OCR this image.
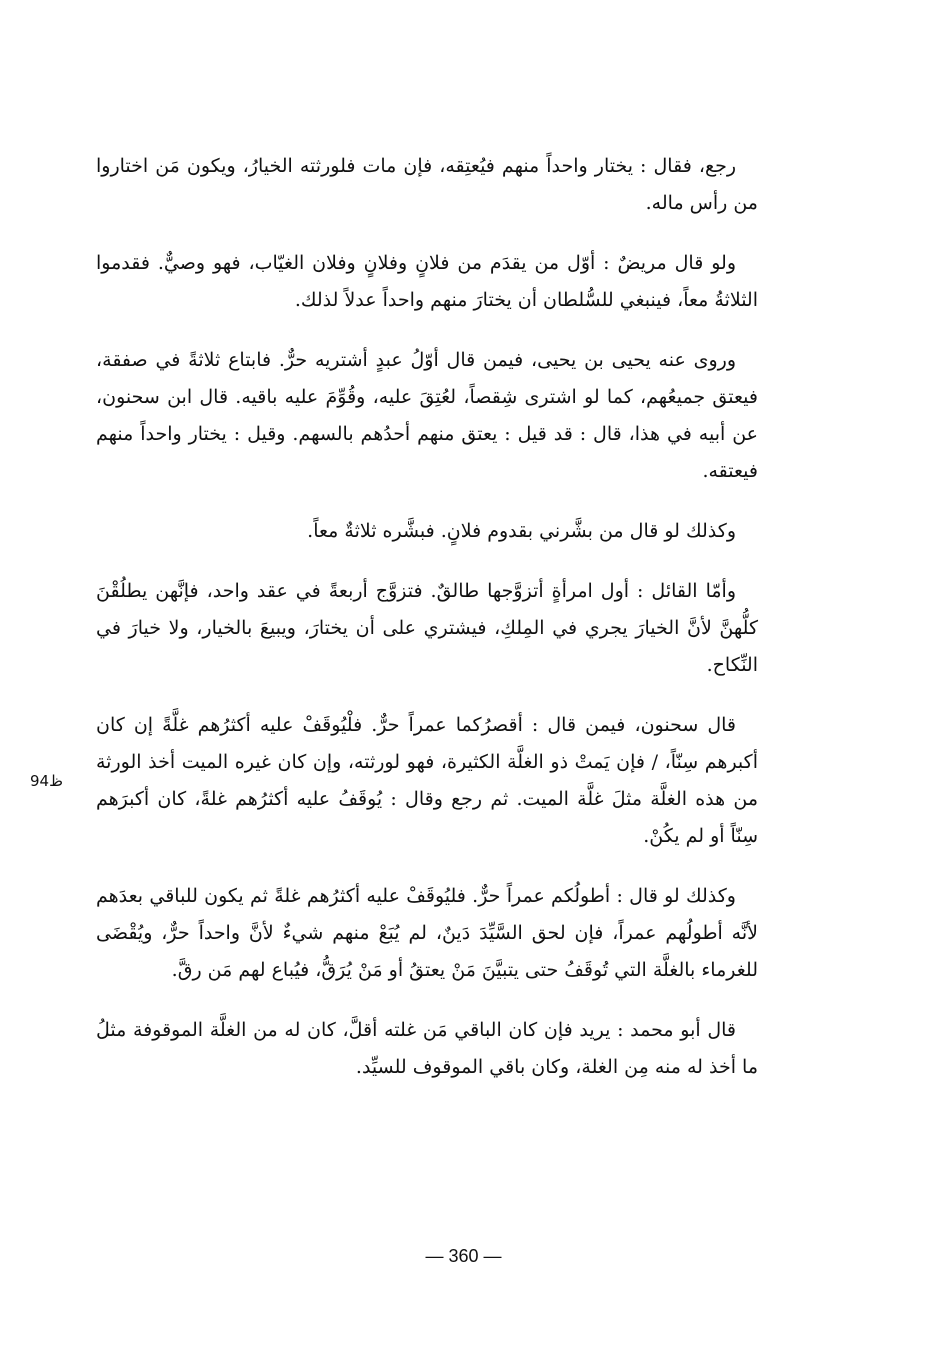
رجع، فقال : يختار واحداً منهم فيُعتِقه، فإن مات فلورثته الخيارُ، ويكون مَن اختاروا من رأس ماله.

ولو قال مريضٌ : أوّل من يقدَم من فلانٍ وفلانٍ وفلان الغيّاب، فهو وصيٌّ. فقدموا الثلاثةُ معاً، فينبغي للسُّلطان أن يختارَ منهم واحداً عدلاً لذلك.

وروى عنه يحيى بن يحيى، فيمن قال أوّلُ عبدٍ أشتريه حرٌّ. فابتاع ثلاثةً في صفقة، فيعتق جميعُهم، كما لو اشترى شِقصاً، لعُتِقَ عليه، وقُوِّمَ عليه باقيه. قال ابن سحنون، عن أبيه في هذا، قال : قد قيل : يعتق منهم أحدُهم بالسهم. وقيل : يختار واحداً منهم فيعتقه.

وكذلك لو قال من بشَّرني بقدوم فلانٍ. فبشَّره ثلاثةٌ معاً.

وأمّا القائل : أول امرأةٍ أتزوَّجها طالقٌ. فتزوَّج أربعةً في عقد واحد، فإنَّهن يطلُقْنَ كلُّهنَّ لأنَّ الخيارَ يجري في المِلكِ، فيشتري على أن يختارَ، ويبيعَ بالخيار، ولا خيارَ في النِّكاح.

قال سحنون، فيمن قال : أقصرُكما عمراً حرٌّ. فلْيُوقَفْ عليه أكثرُهم غلَّةً إن كان أكبرهم سِنّاً، / فإن يَمتْ ذو الغلَّة الكثيرة، فهو لورثته، وإن كان غيره الميت أخذ الورثة من هذه الغلَّة مثلَ غلَّة الميت. ثم رجع وقال : يُوقَفُ عليه أكثرُهم غلةً، كان أكبرَهم سِنّاً أو لم يكُنْ.

وكذلك لو قال : أطولُكم عمراً حرٌّ. فليُوقَفْ عليه أكثرُهم غلةً ثم يكون للباقي بعدَهم لأنَّه أطولُهم عمراً، فإن لحق السَّيِّدَ دَينٌ، لم يُبَعْ منهم شيءٌ لأنَّ واحداً حرٌّ، ويُقْضَى للغرماء بالغلَّة التي تُوقَفُ حتى يتبيَّنَ مَنْ يعتقُ أو مَنْ يُرَقُّ، فيُباع لهم مَن رقَّ.

قال أبو محمد : يريد فإن كان الباقي مَن غلته أقلَّ، كان له من الغلَّة الموقوفة مثلُ ما أخذ له منه مِن الغلة، وكان باقي الموقوف للسيِّد.

ظ94
— 360 —
